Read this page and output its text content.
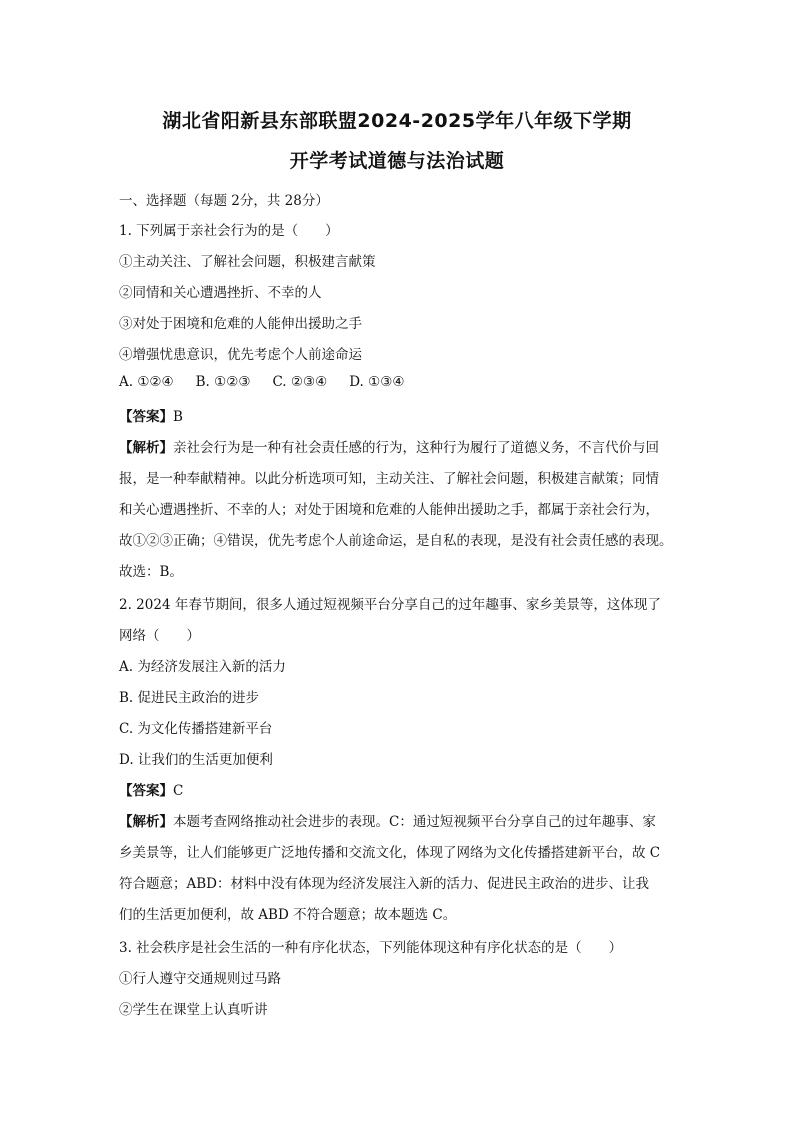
湖北省阳新县东部联盟2024-2025学年八年级下学期
开学考试道德与法治试题
一、选择题（每题 2分，共 28分）
1. 下列属于亲社会行为的是（　　）
①主动关注、了解社会问题，积极建言献策
②同情和关心遭遇挫折、不幸的人
③对处于困境和危难的人能伸出援助之手
④增强忧患意识，优先考虑个人前途命运
A. ①②④ B. ①②③ C. ②③④ D. ①③④
【答案】B
【解析】亲社会行为是一种有社会责任感的行为，这种行为履行了道德义务，不言代价与回
报，是一种奉献精神。以此分析选项可知，主动关注、了解社会问题，积极建言献策；同情
和关心遭遇挫折、不幸的人；对处于困境和危难的人能伸出援助之手，都属于亲社会行为，
故①②③正确；④错误，优先考虑个人前途命运，是自私的表现，是没有社会责任感的表现。
故选：B。
2. 2024 年春节期间，很多人通过短视频平台分享自己的过年趣事、家乡美景等，这体现了
网络（　　）
A. 为经济发展注入新的活力
B. 促进民主政治的进步
C. 为文化传播搭建新平台
D. 让我们的生活更加便利
【答案】C
【解析】本题考查网络推动社会进步的表现。C：通过短视频平台分享自己的过年趣事、家
乡美景等，让人们能够更广泛地传播和交流文化，体现了网络为文化传播搭建新平台，故 C
符合题意；ABD：材料中没有体现为经济发展注入新的活力、促进民主政治的进步、让我
们的生活更加便利，故 ABD 不符合题意；故本题选 C。
3. 社会秩序是社会生活的一种有序化状态，下列能体现这种有序化状态的是（　　）
①行人遵守交通规则过马路
②学生在课堂上认真听讲
